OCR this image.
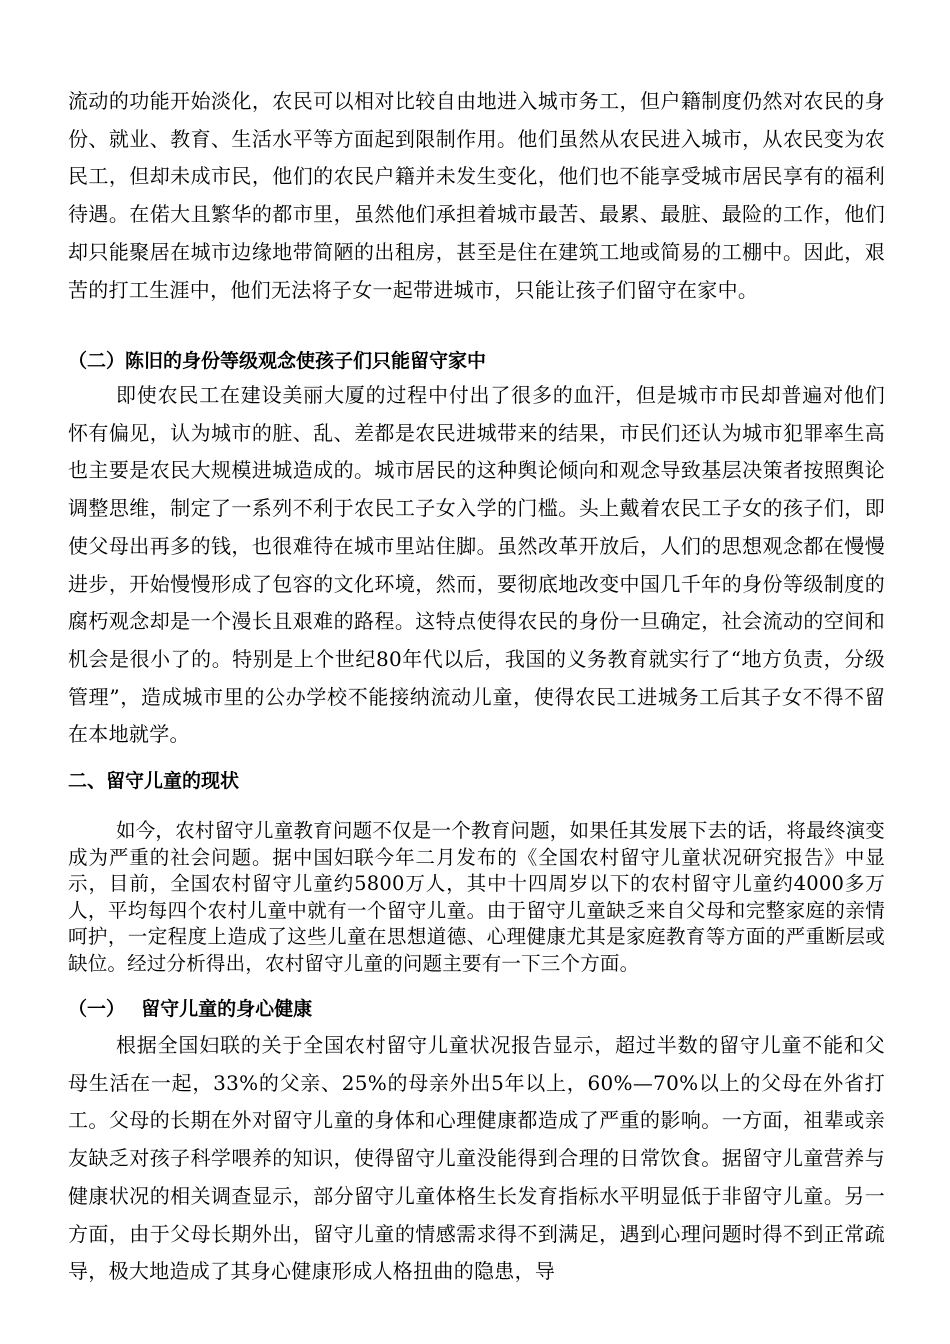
流动的功能开始淡化，农民可以相对比较自由地进入城市务工，但户籍制度仍然对农民的身份、就业、教育、生活水平等方面起到限制作用。他们虽然从农民进入城市，从农民变为农民工，但却未成市民，他们的农民户籍并未发生变化，他们也不能享受城市居民享有的福利待遇。在偌大且繁华的都市里，虽然他们承担着城市最苦、最累、最脏、最险的工作，他们却只能聚居在城市边缘地带简陋的出租房，甚至是住在建筑工地或简易的工棚中。因此，艰苦的打工生涯中，他们无法将子女一起带进城市，只能让孩子们留守在家中。

（二）陈旧的身份等级观念使孩子们只能留守家中

即使农民工在建设美丽大厦的过程中付出了很多的血汗，但是城市市民却普遍对他们怀有偏见，认为城市的脏、乱、差都是农民进城带来的结果，市民们还认为城市犯罪率生高也主要是农民大规模进城造成的。城市居民的这种舆论倾向和观念导致基层决策者按照舆论调整思维，制定了一系列不利于农民工子女入学的门槛。头上戴着农民工子女的孩子们，即使父母出再多的钱，也很难待在城市里站住脚。虽然改革开放后，人们的思想观念都在慢慢进步，开始慢慢形成了包容的文化环境，然而，要彻底地改变中国几千年的身份等级制度的腐朽观念却是一个漫长且艰难的路程。这特点使得农民的身份一旦确定，社会流动的空间和机会是很小了的。特别是上个世纪80年代以后，我国的义务教育就实行了“地方负责，分级管理”，造成城市里的公办学校不能接纳流动儿童，使得农民工进城务工后其子女不得不留在本地就学。

二、留守儿童的现状

如今，农村留守儿童教育问题不仅是一个教育问题，如果任其发展下去的话，将最终演变成为严重的社会问题。据中国妇联今年二月发布的《全国农村留守儿童状况研究报告》中显示，目前，全国农村留守儿童约5800万人，其中十四周岁以下的农村留守儿童约4000多万人，平均每四个农村儿童中就有一个留守儿童。由于留守儿童缺乏来自父母和完整家庭的亲情呵护，一定程度上造成了这些儿童在思想道德、心理健康尤其是家庭教育等方面的严重断层或缺位。经过分析得出，农村留守儿童的问题主要有一下三个方面。

（一）　 留守儿童的身心健康

根据全国妇联的关于全国农村留守儿童状况报告显示，超过半数的留守儿童不能和父母生活在一起，33%的父亲、25%的母亲外出5年以上，60%—70%以上的父母在外省打工。父母的长期在外对留守儿童的身体和心理健康都造成了严重的影响。一方面，祖辈或亲友缺乏对孩子科学喂养的知识，使得留守儿童没能得到合理的日常饮食。据留守儿童营养与健康状况的相关调查显示，部分留守儿童体格生长发育指标水平明显低于非留守儿童。另一方面，由于父母长期外出，留守儿童的情感需求得不到满足，遇到心理问题时得不到正常疏导，极大地造成了其身心健康形成人格扭曲的隐患，导
